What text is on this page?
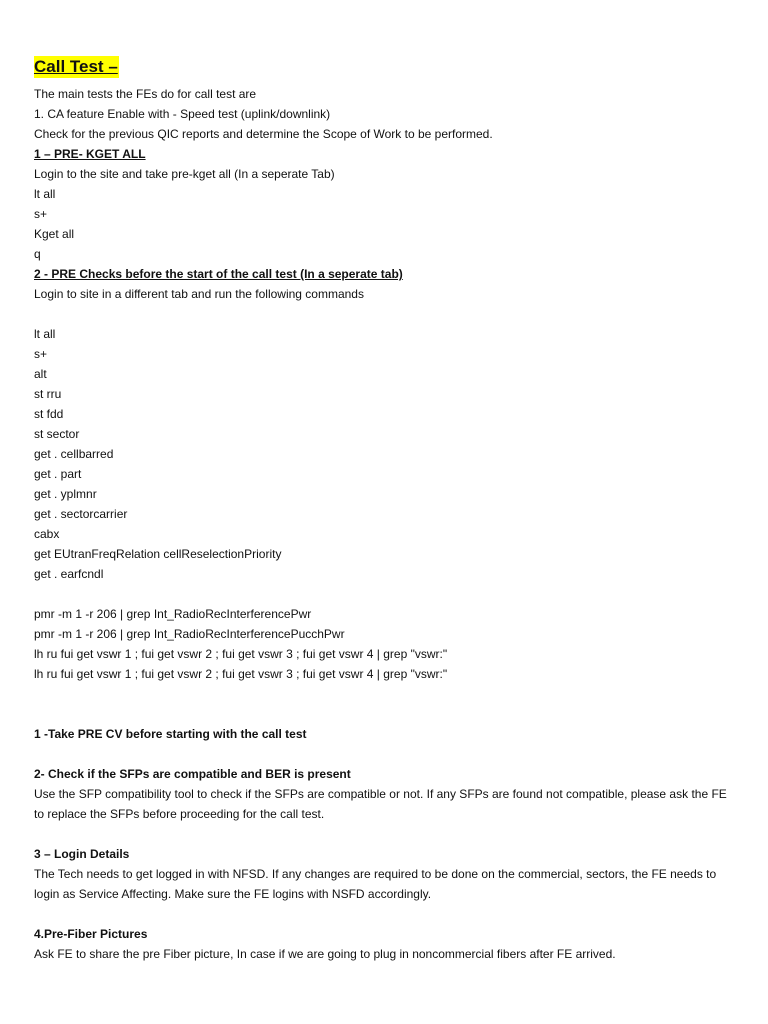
Call Test –
The main tests the FEs do for call test are
1. CA feature Enable with - Speed test (uplink/downlink)
Check for the previous QIC reports and determine the Scope of Work to be performed.
1 – PRE- KGET ALL
Login to the site and take pre-kget all (In a seperate Tab)
lt all
s+
Kget all
q
2 - PRE Checks before the start of the call test (In a seperate tab)
Login to site in a different tab and run the following commands
lt all
s+
alt
st rru
st fdd
st sector
get . cellbarred
get . part
get . yplmnr
get . sectorcarrier
cabx
get EUtranFreqRelation cellReselectionPriority
get . earfcndl
pmr -m 1 -r 206 | grep Int_RadioRecInterferencePwr
pmr -m 1 -r 206 | grep Int_RadioRecInterferencePucchPwr
lh ru fui get vswr 1 ; fui get vswr 2 ; fui get vswr 3 ; fui get vswr 4 | grep "vswr:"
lh ru fui get vswr 1 ; fui get vswr 2 ; fui get vswr 3 ; fui get vswr 4 | grep "vswr:"
1 -Take PRE CV before starting with the call test
2- Check if the SFPs are compatible and BER is present
Use the SFP compatibility tool to check if the SFPs are compatible or not. If any SFPs are found not compatible, please ask the FE to replace the SFPs before proceeding for the call test.
3 – Login Details
The Tech needs to get logged in with NFSD. If any changes are required to be done on the commercial, sectors, the FE needs to login as Service Affecting. Make sure the FE logins with NSFD accordingly.
4.Pre-Fiber Pictures
Ask FE to share the pre Fiber picture, In case if we are going to plug in noncommercial fibers after FE arrived.
